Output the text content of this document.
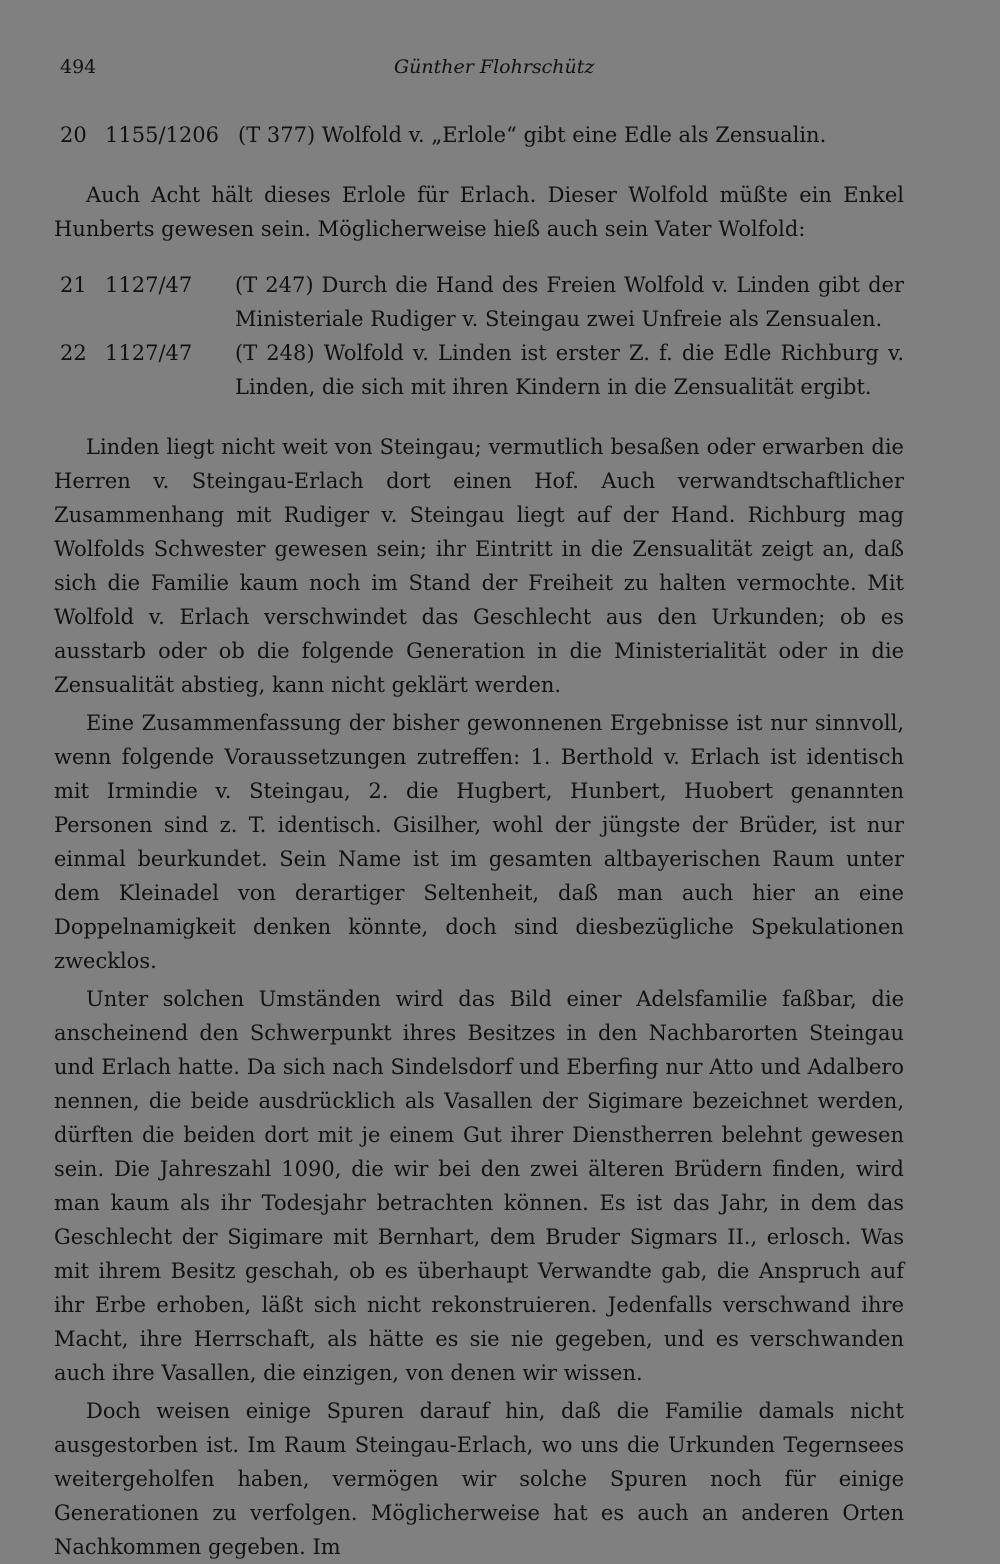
494	Günther Flohrschütz
20 1155/1206 (T 377) Wolfold v. „Erlole“ gibt eine Edle als Zensualin.

Auch Acht hält dieses Erlole für Erlach. Dieser Wolfold müßte ein Enkel Hunberts gewesen sein. Möglicherweise hieß auch sein Vater Wolfold:

21 1127/47	(T 247) Durch die Hand des Freien Wolfold v. Linden gibt der Ministeriale Rudiger v. Steingau zwei Unfreie als Zensualen.
22 1127/47	(T 248) Wolfold v. Linden ist erster Z. f. die Edle Richburg v. Linden, die sich mit ihren Kindern in die Zensualität ergibt.

Linden liegt nicht weit von Steingau; vermutlich besaßen oder erwarben die Herren v. Steingau-Erlach dort einen Hof. Auch verwandtschaftlicher Zusammenhang mit Rudiger v. Steingau liegt auf der Hand. Richburg mag Wolfolds Schwester gewesen sein; ihr Eintritt in die Zensualität zeigt an, daß sich die Familie kaum noch im Stand der Freiheit zu halten vermochte. Mit Wolfold v. Erlach verschwindet das Geschlecht aus den Urkunden; ob es ausstarb oder ob die folgende Generation in die Ministerialität oder in die Zensualität abstieg, kann nicht geklärt werden.

Eine Zusammenfassung der bisher gewonnenen Ergebnisse ist nur sinnvoll, wenn folgende Voraussetzungen zutreffen: 1. Berthold v. Erlach ist identisch mit Irmindie v. Steingau, 2. die Hugbert, Hunbert, Huobert genannten Personen sind z. T. identisch. Gisilher, wohl der jüngste der Brüder, ist nur einmal beurkundet. Sein Name ist im gesamten altbayerischen Raum unter dem Kleinadel von derartiger Seltenheit, daß man auch hier an eine Doppelnamigkeit denken könnte, doch sind diesbezügliche Spekulationen zwecklos.

Unter solchen Umständen wird das Bild einer Adelsfamilie faßbar, die anscheinend den Schwerpunkt ihres Besitzes in den Nachbarorten Steingau und Erlach hatte. Da sich nach Sindelsdorf und Eberfing nur Atto und Adalbero nennen, die beide ausdrücklich als Vasallen der Sigimare bezeichnet werden, dürften die beiden dort mit je einem Gut ihrer Dienstherren belehnt gewesen sein. Die Jahreszahl 1090, die wir bei den zwei älteren Brüdern finden, wird man kaum als ihr Todesjahr betrachten können. Es ist das Jahr, in dem das Geschlecht der Sigimare mit Bernhart, dem Bruder Sigmars II., erlosch. Was mit ihrem Besitz geschah, ob es überhaupt Verwandte gab, die Anspruch auf ihr Erbe erhoben, läßt sich nicht rekonstruieren. Jedenfalls verschwand ihre Macht, ihre Herrschaft, als hätte es sie nie gegeben, und es verschwanden auch ihre Vasallen, die einzigen, von denen wir wissen.

Doch weisen einige Spuren darauf hin, daß die Familie damals nicht ausgestorben ist. Im Raum Steingau-Erlach, wo uns die Urkunden Tegernsees weitergeholfen haben, vermögen wir solche Spuren noch für einige Generationen zu verfolgen. Möglicherweise hat es auch an anderen Orten Nachkommen gegeben. Im
